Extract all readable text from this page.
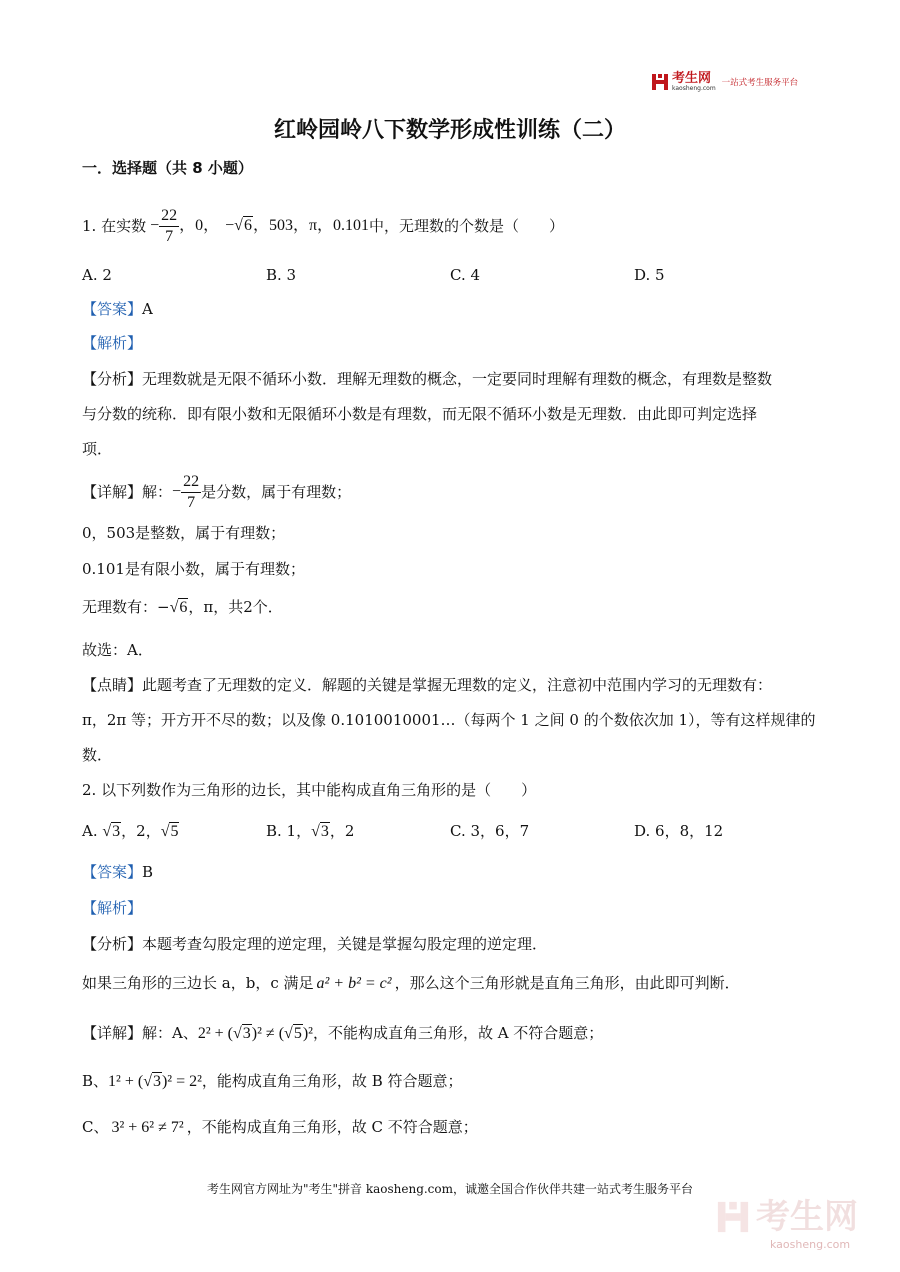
考生网
kaosheng.com
一站式考生服务平台
红岭园岭八下数学形成性训练（二）
一．选择题（共 8 小题）
1. 在实数 − $\frac{22}{7}$ ，0， − √6 ，503，π，0.101 中，无理数的个数是（　　）
A. 2	B. 3	C. 4	D. 5
【答案】A
【解析】
【分析】无理数就是无限不循环小数．理解无理数的概念，一定要同时理解有理数的概念，有理数是整数
与分数的统称．即有限小数和无限循环小数是有理数，而无限不循环小数是无理数．由此即可判定选择
项．
【详解】 解： − $\frac{22}{7}$ 是分数，属于有理数；
0，503是整数，属于有理数；
0.101是有限小数，属于有理数；
无理数有：−√6，π，共2个．
故选：A．
【点睛】此题考查了无理数的定义．解题的关键是掌握无理数的定义，注意初中范围内学习的无理数有：
π，2π 等；开方开不尽的数；以及像 0.1010010001…（每两个 1 之间 0 的个数依次加 1），等有这样规律的
数．
2. 以下列数作为三角形的边长，其中能构成直角三角形的是（　　）
A. √3，2，√5	B. 1，√3，2	C. 3，6，7	D. 6，8，12
【答案】B
【解析】
【分析】本题考查勾股定理的逆定理，关键是掌握勾股定理的逆定理．
如果三角形的三边长 a，b，c 满足 a² + b² = c² ，那么这个三角形就是直角三角形，由此即可判断．
【详解】解：A、2² + (√3)² ≠ (√5)²，不能构成直角三角形，故 A 不符合题意；
B、1² + (√3)² = 2²，能构成直角三角形，故 B 符合题意；
C、 3² + 6² ≠ 7² ，不能构成直角三角形，故 C 不符合题意；
考生网官方网址为"考生"拼音 kaosheng.com，诚邀全国合作伙伴共建一站式考生服务平台
考生网
kaosheng.com
